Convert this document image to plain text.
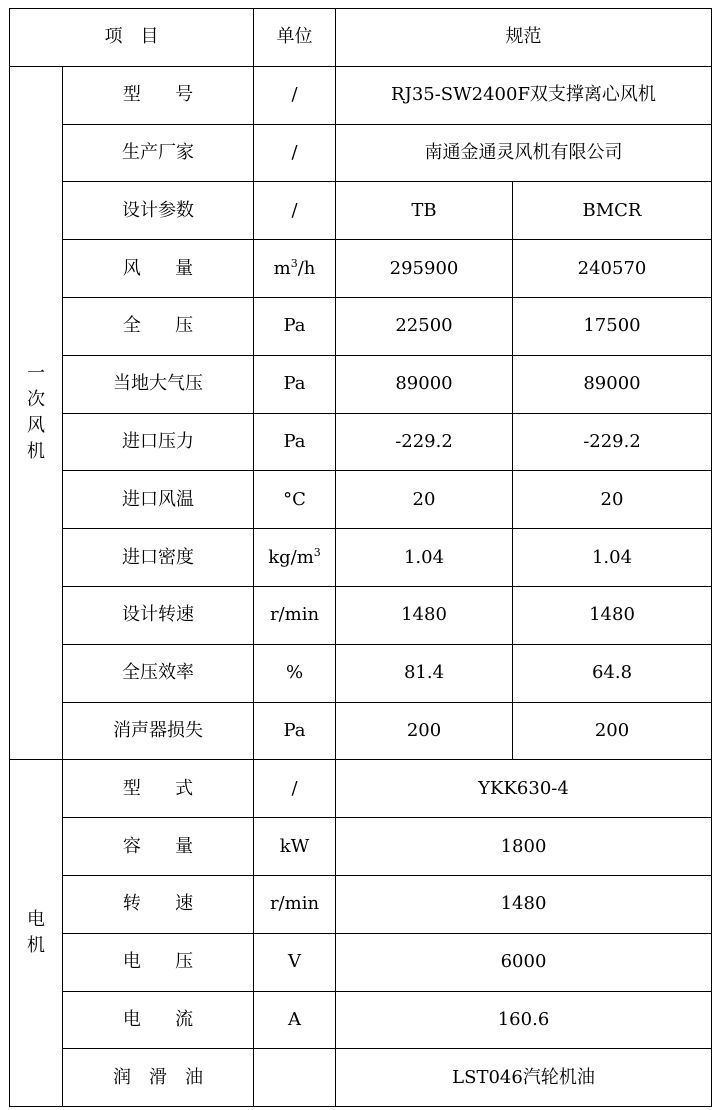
项　目		单位	规范	
一次风机	型号	/	RJ35-SW2400F双支撑离心风机	
	生产厂家	/	南通金通灵风机有限公司	
	设计参数	/	TB	BMCR
	风量	$m^3/h$	295900	240570
	全压	Pa	22500	17500
	当地大气压	Pa	89000	89000
	进口压力	Pa	-229.2	-229.2
	进口风温	°C	20	20
	进口密度	$kg/m^3$	1.04	1.04
	设计转速	r/min	1480	1480
	全压效率	%	81.4	64.8
	消声器损失	Pa	200	200
电机	型式	/	YKK630-4	
	容量	kW	1800	
	转速	r/min	1480	
	电压	V	6000	
	电流	A	160.6	
	润滑油		LST046汽轮机油	
